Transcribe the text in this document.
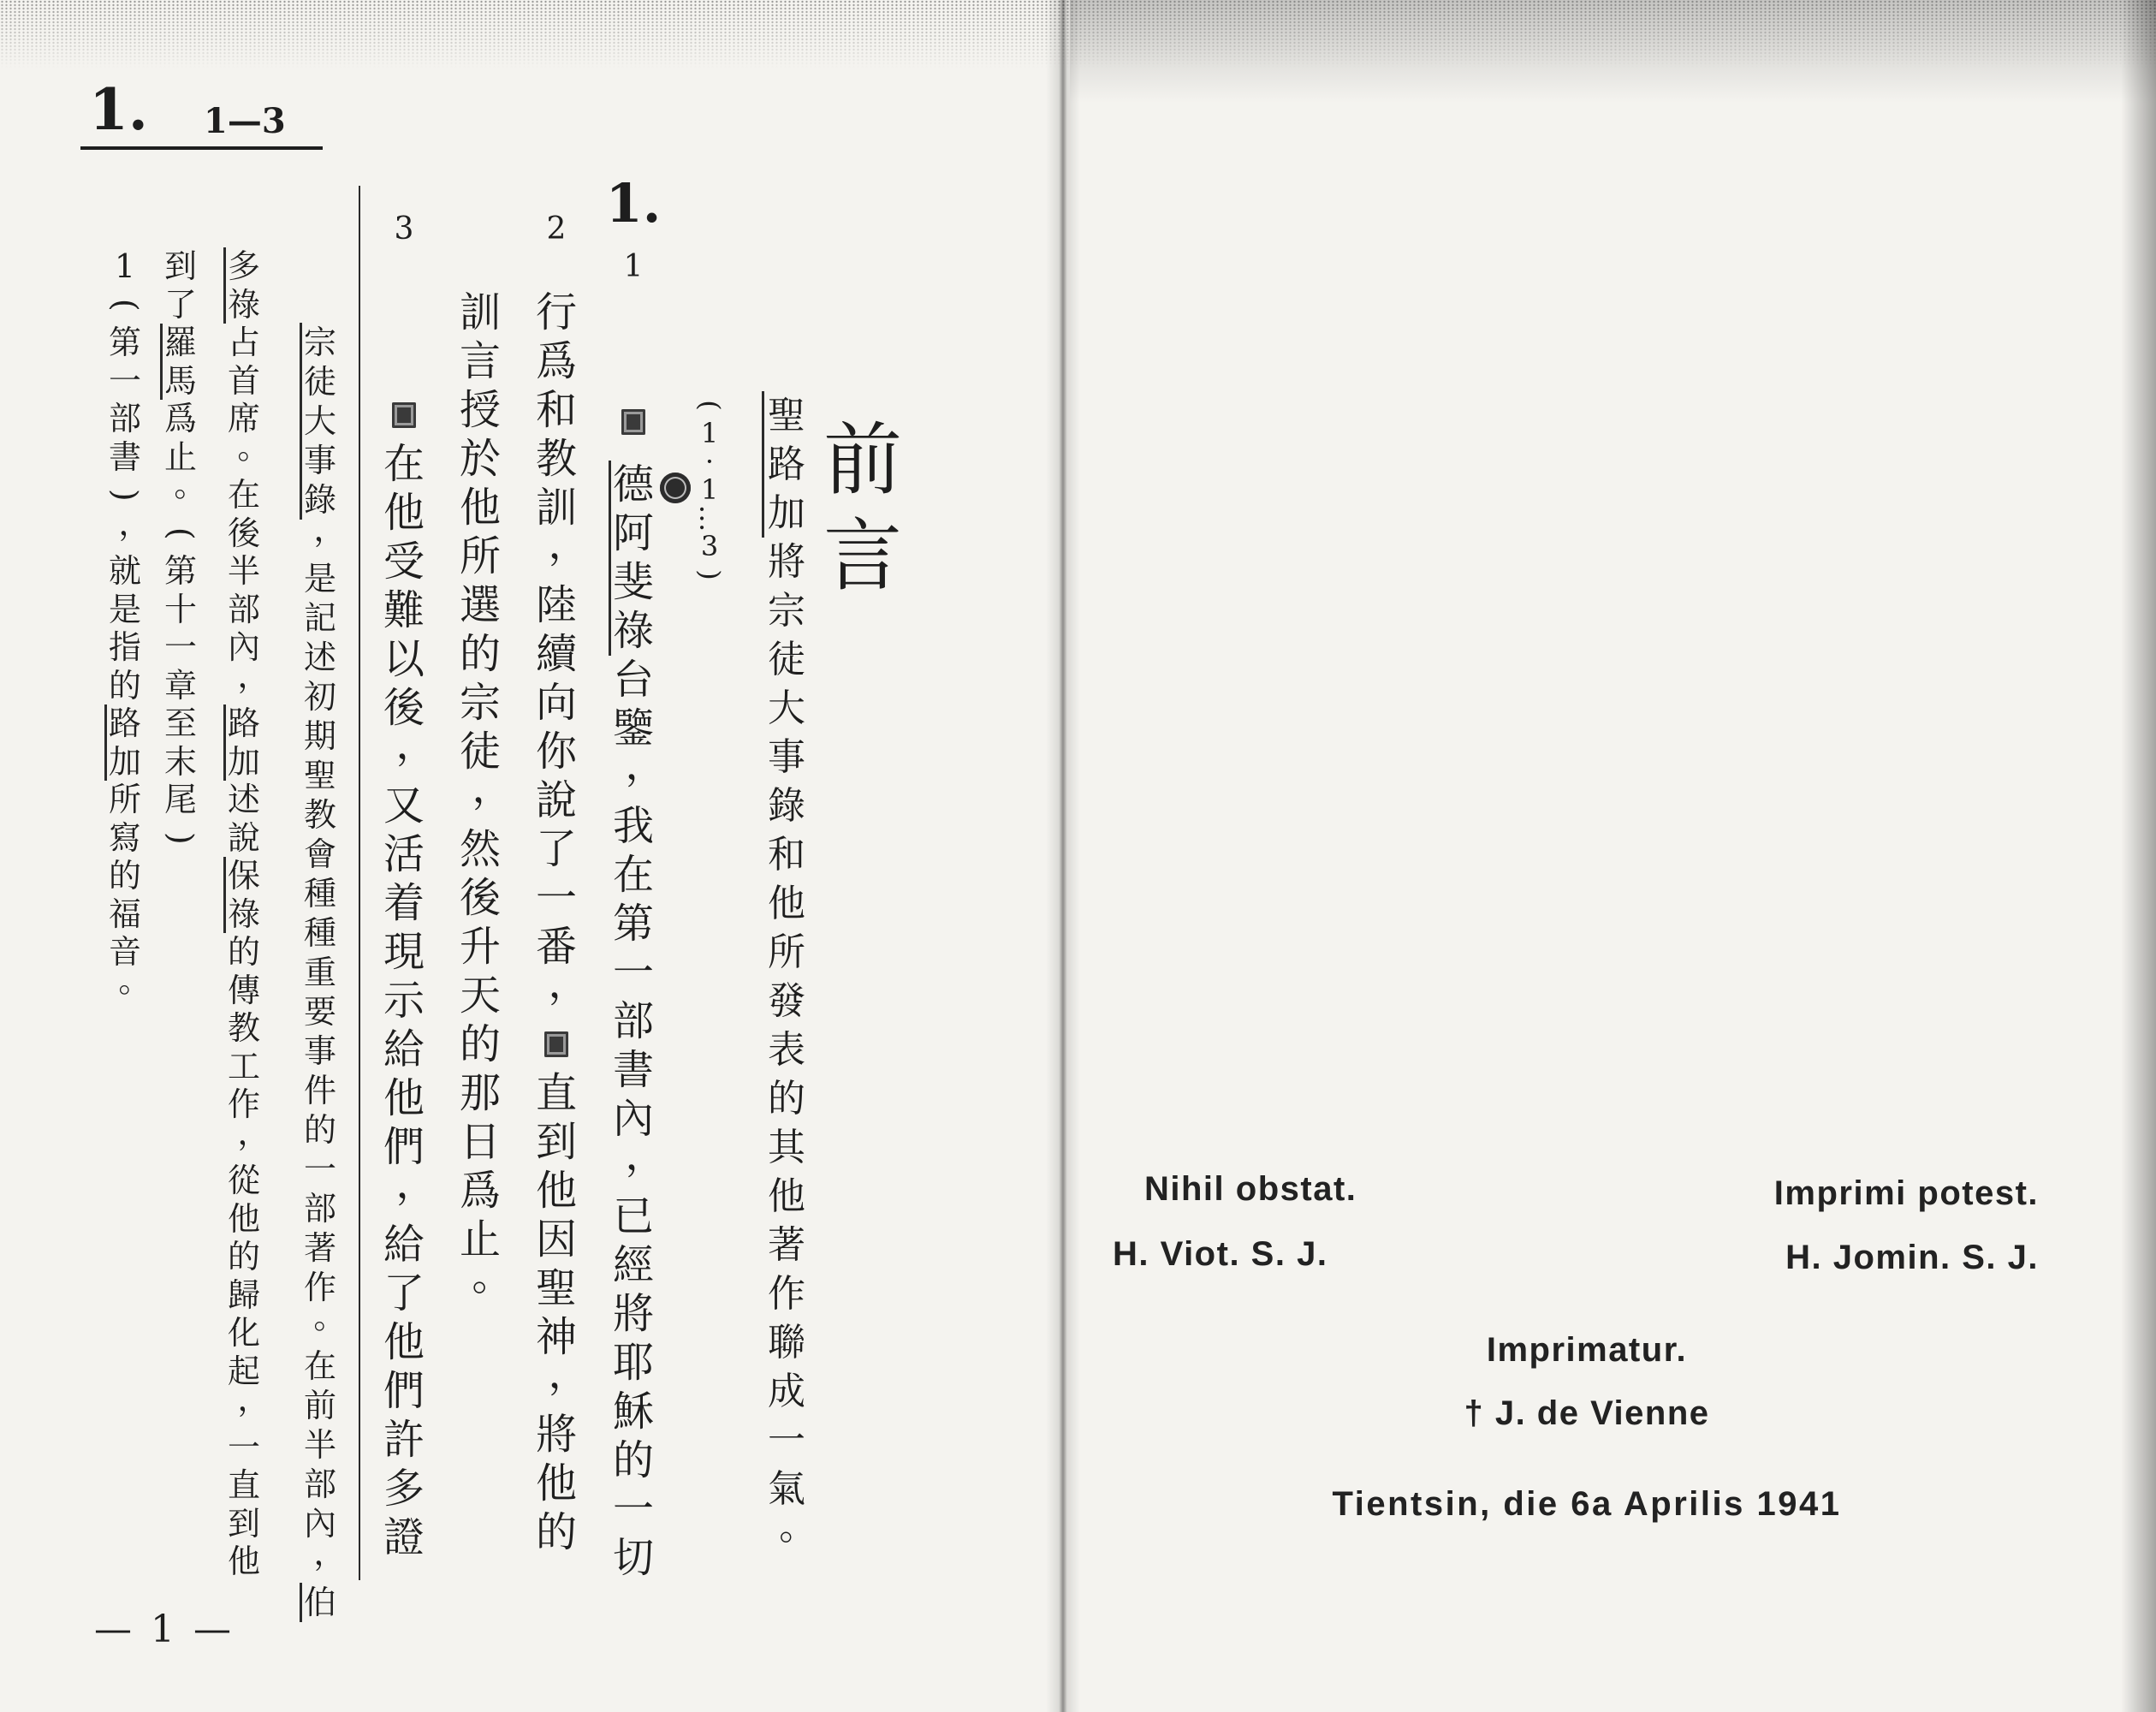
1. 1—3
前
言
聖
路
加
將
宗
徒
大
事
錄
和
他
所
發
表
的
其
他
著
作
聯
成
一
氣
。
(
1
·
1
…
3
)
1.
1
2
3
德
阿
斐
祿
台
鑒
，
我
在
第
一
部
書
內
，
已
經
將
耶
穌
的
一
切
行
爲
和
教
訓
，
陸
續
向
你
說
了
一
番
，
直
到
他
因
聖
神
，
將
他
的
訓
言
授
於
他
所
選
的
宗
徒
，
然
後
升
天
的
那
日
爲
止
。
在
他
受
難
以
後
，
又
活
着
現
示
給
他
們
，
給
了
他
們
許
多
證
宗
徒
大
事
錄
，
是
記
述
初
期
聖
教
會
種
種
重
要
事
件
的
一
部
著
作
。
在
前
半
部
內
，
伯
多
祿
占
首
席
。
在
後
半
部
內
，
路
加
述
說
保
祿
的
傳
教
工
作
，
從
他
的
歸
化
起
，
一
直
到
他
到
了
羅
馬
爲
止
。
(
第
十
一
章
至
末
尾
)
1
(
第
一
部
書
)
，
就
是
指
的
路
加
所
寫
的
福
音
。
— 1 —
Nihil obstat.
H. Viot. S. J.
Imprimi potest.
H. Jomin. S. J.
Imprimatur.
† J. de Vienne
Tientsin, die 6a Aprilis 1941
